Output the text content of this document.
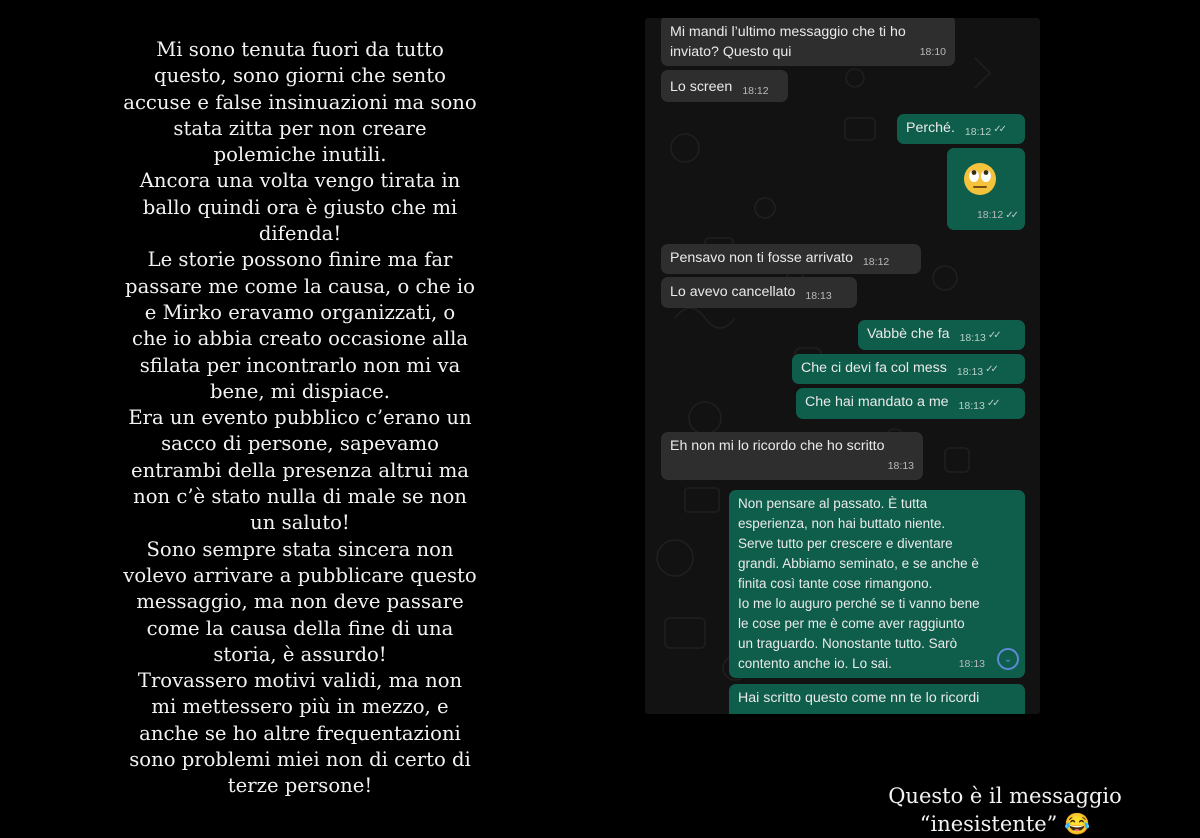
Mi sono tenuta fuori da tutto
questo, sono giorni che sento
accuse e false insinuazioni ma sono
stata zitta per non creare
polemiche inutili.
Ancora una volta vengo tirata in
ballo quindi ora è giusto che mi
difenda!
Le storie possono finire ma far
passare me come la causa, o che io
e Mirko eravamo organizzati, o
che io abbia creato occasione alla
sfilata per incontrarlo non mi va
bene, mi dispiace.
Era un evento pubblico c’erano un
sacco di persone, sapevamo
entrambi della presenza altrui ma
non c’è stato nulla di male se non
un saluto!
Sono sempre stata sincera non
volevo arrivare a pubblicare questo
messaggio, ma non deve passare
come la causa della fine di una
storia, è assurdo!
Trovassero motivi validi, ma non
mi mettessero più in mezzo, e
anche se ho altre frequentazioni
sono problemi miei non di certo di
terze persone!
Mi mandi l’ultimo messaggio che ti ho
inviato? Questo qui	18:10
Lo screen $_{18:12}$
Perché. $_{18:12}$ ✓✓
18:12 ✓✓
Pensavo non ti fosse arrivato $_{18:12}$
Lo avevo cancellato $_{18:13}$
Vabbè che fa $_{18:13}$ ✓✓
Che ci devi fa col mess $_{18:13}$ ✓✓
Che hai mandato a me $_{18:13}$ ✓✓
Eh non mi lo ricordo che ho scritto
18:13
Non pensare al passato. È tutta
esperienza, non hai buttato niente.
Serve tutto per crescere e diventare
grandi. Abbiamo seminato, e se anche è
finita così tante cose rimangono.
Io me lo auguro perché se ti vanno bene
le cose per me è come aver raggiunto
un traguardo. Nonostante tutto. Sarò
contento anche io. Lo sai.	18:13	⌄
Hai scritto questo come nn te lo ricordi
Questo è il messaggio
“inesistente” 😂
